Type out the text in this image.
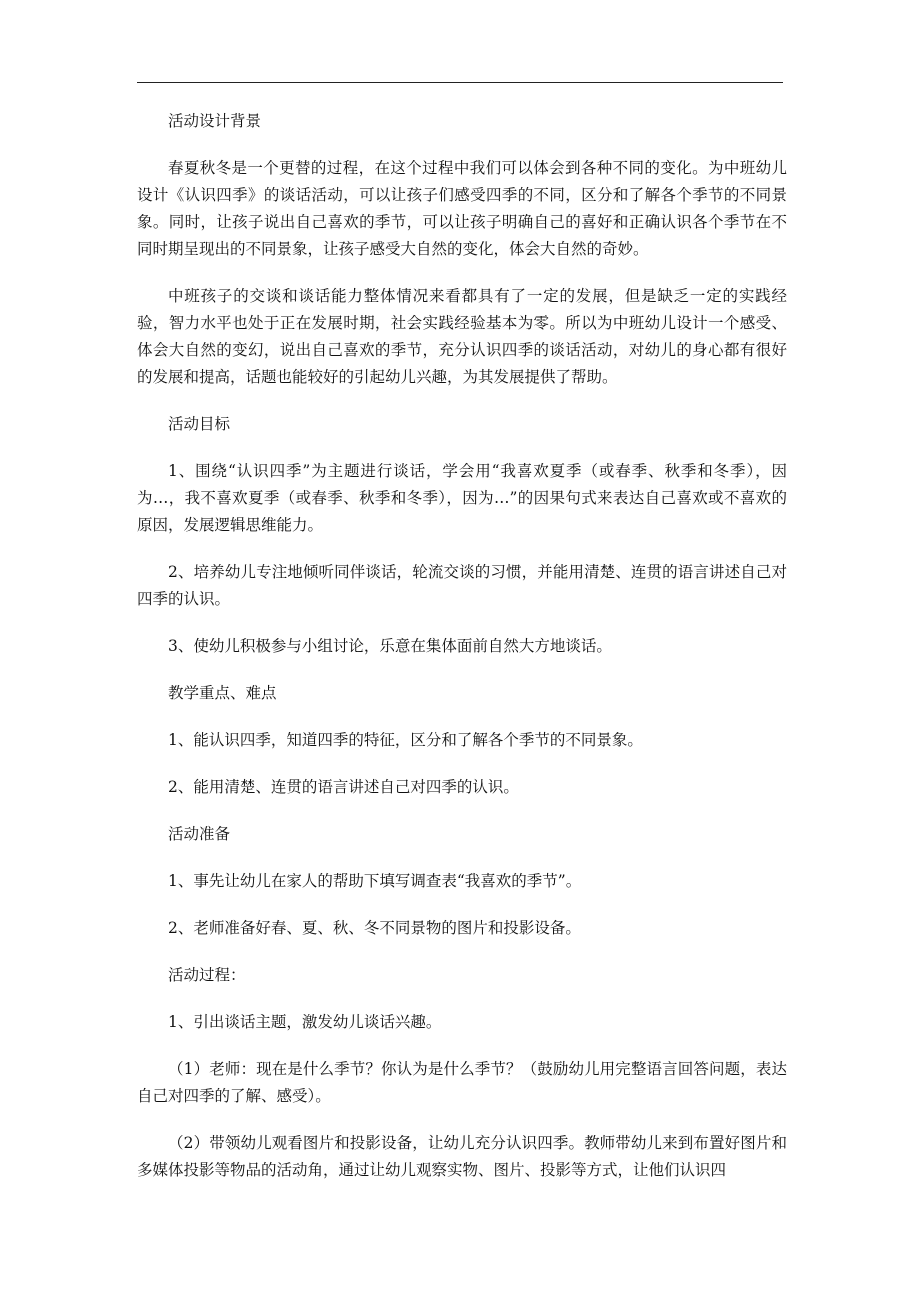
活动设计背景

春夏秋冬是一个更替的过程，在这个过程中我们可以体会到各种不同的变化。为中班幼儿设计《认识四季》的谈话活动，可以让孩子们感受四季的不同，区分和了解各个季节的不同景象。同时，让孩子说出自己喜欢的季节，可以让孩子明确自己的喜好和正确认识各个季节在不同时期呈现出的不同景象，让孩子感受大自然的变化，体会大自然的奇妙。

中班孩子的交谈和谈话能力整体情况来看都具有了一定的发展，但是缺乏一定的实践经验，智力水平也处于正在发展时期，社会实践经验基本为零。所以为中班幼儿设计一个感受、体会大自然的变幻，说出自己喜欢的季节，充分认识四季的谈话活动，对幼儿的身心都有很好的发展和提高，话题也能较好的引起幼儿兴趣，为其发展提供了帮助。

活动目标

1、围绕“认识四季”为主题进行谈话，学会用“我喜欢夏季（或春季、秋季和冬季），因为…，我不喜欢夏季（或春季、秋季和冬季），因为…”的因果句式来表达自己喜欢或不喜欢的原因，发展逻辑思维能力。

2、培养幼儿专注地倾听同伴谈话，轮流交谈的习惯，并能用清楚、连贯的语言讲述自己对四季的认识。

3、使幼儿积极参与小组讨论，乐意在集体面前自然大方地谈话。

教学重点、难点

1、能认识四季，知道四季的特征，区分和了解各个季节的不同景象。

2、能用清楚、连贯的语言讲述自己对四季的认识。

活动准备

1、事先让幼儿在家人的帮助下填写调查表“我喜欢的季节”。

2、老师准备好春、夏、秋、冬不同景物的图片和投影设备。

活动过程：

1、引出谈话主题，激发幼儿谈话兴趣。

（1）老师：现在是什么季节？你认为是什么季节？（鼓励幼儿用完整语言回答问题，表达自己对四季的了解、感受）。

（2）带领幼儿观看图片和投影设备，让幼儿充分认识四季。教师带幼儿来到布置好图片和多媒体投影等物品的活动角，通过让幼儿观察实物、图片、投影等方式，让他们认识四
